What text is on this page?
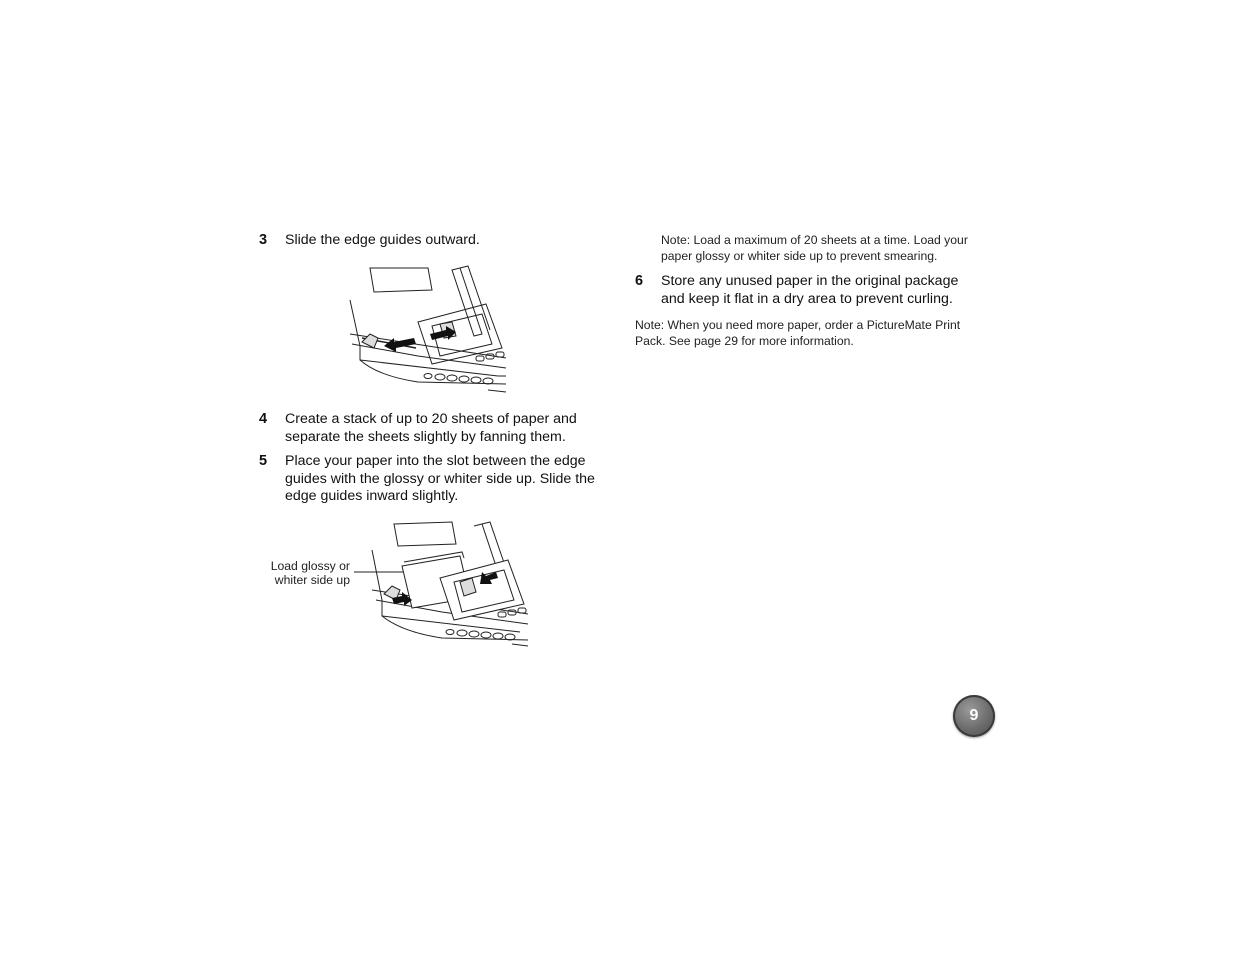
3 Slide the edge guides outward.
4 Create a stack of up to 20 sheets of paper and separate the sheets slightly by fanning them.
5 Place your paper into the slot between the edge guides with the glossy or whiter side up. Slide the edge guides inward slightly.
Load glossy or whiter side up
Note: Load a maximum of 20 sheets at a time. Load your paper glossy or whiter side up to prevent smearing.
6 Store any unused paper in the original package and keep it flat in a dry area to prevent curling.
Note: When you need more paper, order a PictureMate Print Pack. See page 29 for more information.
9
